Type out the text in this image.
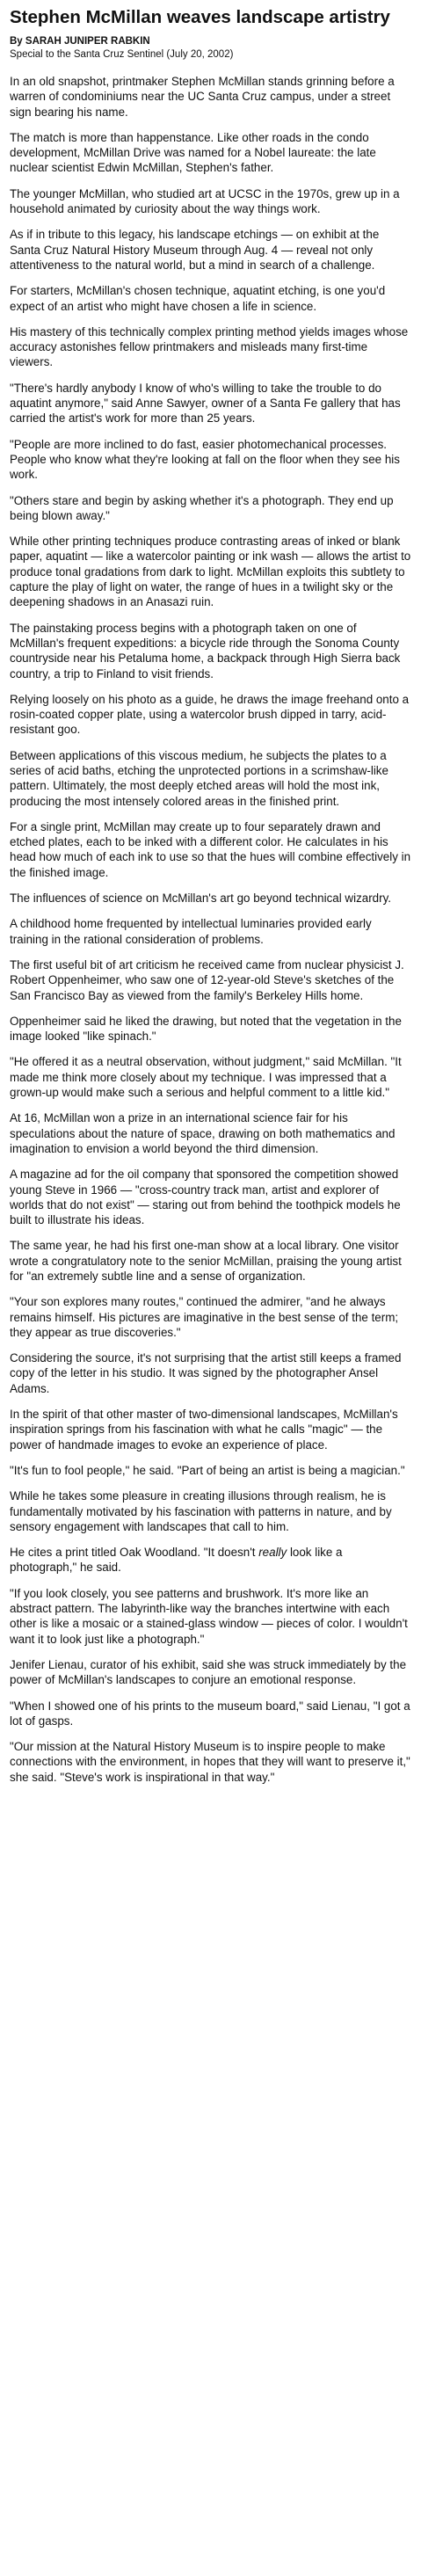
Stephen McMillan weaves landscape artistry

By SARAH JUNIPER RABKIN

Special to the Santa Cruz Sentinel (July 20, 2002)

In an old snapshot, printmaker Stephen McMillan stands grinning before a warren of condominiums near the UC Santa Cruz campus, under a street sign bearing his name.

The match is more than happenstance. Like other roads in the condo development, McMillan Drive was named for a Nobel laureate: the late nuclear scientist Edwin McMillan, Stephen's father.

The younger McMillan, who studied art at UCSC in the 1970s, grew up in a household animated by curiosity about the way things work.

As if in tribute to this legacy, his landscape etchings — on exhibit at the Santa Cruz Natural History Museum through Aug. 4 — reveal not only attentiveness to the natural world, but a mind in search of a challenge.

For starters, McMillan's chosen technique, aquatint etching, is one you'd expect of an artist who might have chosen a life in science.

His mastery of this technically complex printing method yields images whose accuracy astonishes fellow printmakers and misleads many first-time viewers.

"There's hardly anybody I know of who's willing to take the trouble to do aquatint anymore," said Anne Sawyer, owner of a Santa Fe gallery that has carried the artist's work for more than 25 years.

"People are more inclined to do fast, easier photomechanical processes. People who know what they're looking at fall on the floor when they see his work.

"Others stare and begin by asking whether it's a photograph. They end up being blown away."

While other printing techniques produce contrasting areas of inked or blank paper, aquatint — like a watercolor painting or ink wash — allows the artist to produce tonal gradations from dark to light. McMillan exploits this subtlety to capture the play of light on water, the range of hues in a twilight sky or the deepening shadows in an Anasazi ruin.

The painstaking process begins with a photograph taken on one of McMillan's frequent expeditions: a bicycle ride through the Sonoma County countryside near his Petaluma home, a backpack through High Sierra back country, a trip to Finland to visit friends.

Relying loosely on his photo as a guide, he draws the image freehand onto a rosin-coated copper plate, using a watercolor brush dipped in tarry, acid-resistant goo.

Between applications of this viscous medium, he subjects the plates to a series of acid baths, etching the unprotected portions in a scrimshaw-like pattern. Ultimately, the most deeply etched areas will hold the most ink, producing the most intensely colored areas in the finished print.

For a single print, McMillan may create up to four separately drawn and etched plates, each to be inked with a different color. He calculates in his head how much of each ink to use so that the hues will combine effectively in the finished image.

The influences of science on McMillan's art go beyond technical wizardry.

A childhood home frequented by intellectual luminaries provided early training in the rational consideration of problems.

The first useful bit of art criticism he received came from nuclear physicist J. Robert Oppenheimer, who saw one of 12-year-old Steve's sketches of the San Francisco Bay as viewed from the family's Berkeley Hills home.

Oppenheimer said he liked the drawing, but noted that the vegetation in the image looked "like spinach."

"He offered it as a neutral observation, without judgment," said McMillan. "It made me think more closely about my technique. I was impressed that a grown-up would make such a serious and helpful comment to a little kid."

At 16, McMillan won a prize in an international science fair for his speculations about the nature of space, drawing on both mathematics and imagination to envision a world beyond the third dimension.

A magazine ad for the oil company that sponsored the competition showed young Steve in 1966 — "cross-country track man, artist and explorer of worlds that do not exist" — staring out from behind the toothpick models he built to illustrate his ideas.

The same year, he had his first one-man show at a local library. One visitor wrote a congratulatory note to the senior McMillan, praising the young artist for "an extremely subtle line and a sense of organization.

"Your son explores many routes," continued the admirer, "and he always remains himself. His pictures are imaginative in the best sense of the term; they appear as true discoveries."

Considering the source, it's not surprising that the artist still keeps a framed copy of the letter in his studio. It was signed by the photographer Ansel Adams.

In the spirit of that other master of two-dimensional landscapes, McMillan's inspiration springs from his fascination with what he calls "magic" — the power of handmade images to evoke an experience of place.

"It's fun to fool people," he said. "Part of being an artist is being a magician."

While he takes some pleasure in creating illusions through realism, he is fundamentally motivated by his fascination with patterns in nature, and by sensory engagement with landscapes that call to him.

He cites a print titled Oak Woodland. "It doesn't really look like a photograph," he said.

"If you look closely, you see patterns and brushwork. It's more like an abstract pattern. The labyrinth-like way the branches intertwine with each other is like a mosaic or a stained-glass window — pieces of color. I wouldn't want it to look just like a photograph."

Jenifer Lienau, curator of his exhibit, said she was struck immediately by the power of McMillan's landscapes to conjure an emotional response.

"When I showed one of his prints to the museum board," said Lienau, "I got a lot of gasps.

"Our mission at the Natural History Museum is to inspire people to make connections with the environment, in hopes that they will want to preserve it," she said. "Steve's work is inspirational in that way."
